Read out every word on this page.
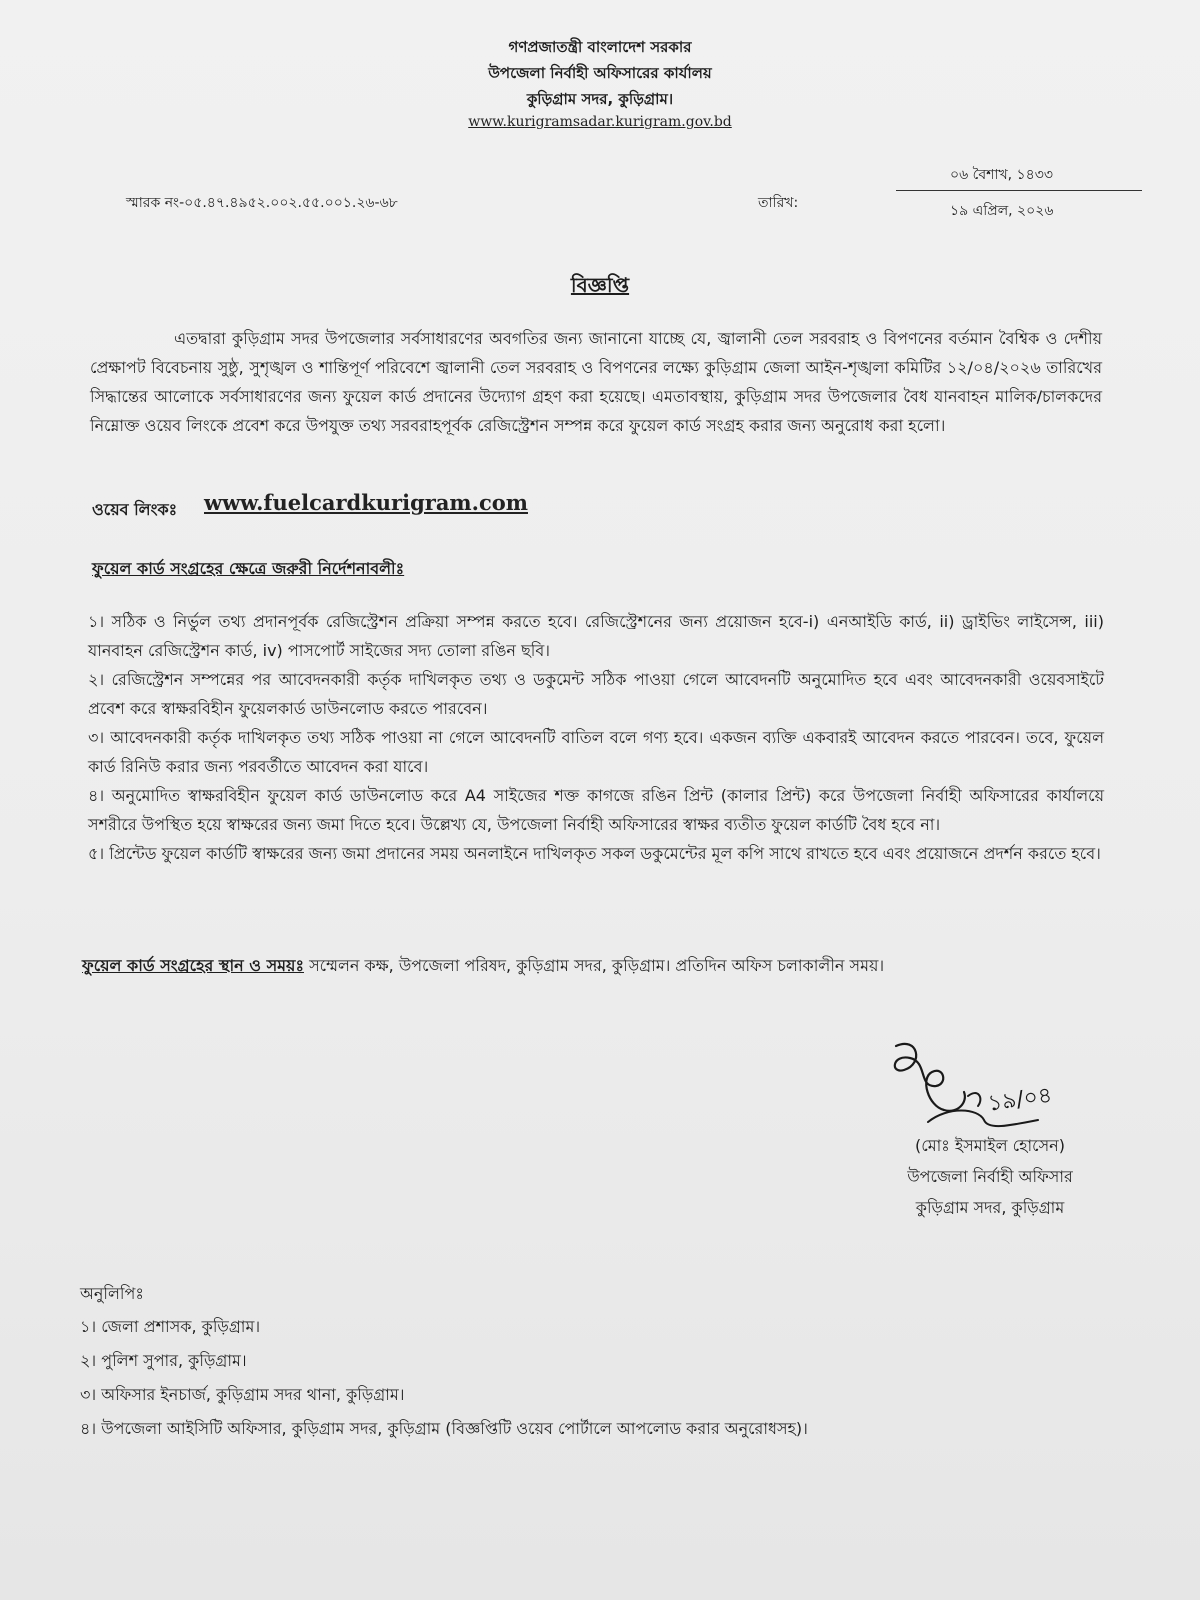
গণপ্রজাতন্ত্রী বাংলাদেশ সরকার
উপজেলা নির্বাহী অফিসারের কার্যালয়
কুড়িগ্রাম সদর, কুড়িগ্রাম।
www.kurigramsadar.kurigram.gov.bd
স্মারক নং-০৫.৪৭.৪৯৫২.০০২.৫৫.০০১.২৬-৬৮	তারিখ:
০৬ বৈশাখ, ১৪৩৩
১৯ এপ্রিল, ২০২৬
বিজ্ঞপ্তি
এতদ্বারা কুড়িগ্রাম সদর উপজেলার সর্বসাধারণের অবগতির জন্য জানানো যাচ্ছে যে, জ্বালানী তেল সরবরাহ ও বিপণনের বর্তমান বৈশ্বিক ও দেশীয় প্রেক্ষাপট বিবেচনায় সুষ্ঠু, সুশৃঙ্খল ও শান্তিপূর্ণ পরিবেশে জ্বালানী তেল সরবরাহ ও বিপণনের লক্ষ্যে কুড়িগ্রাম জেলা আইন-শৃঙ্খলা কমিটির ১২/০৪/২০২৬ তারিখের সিদ্ধান্তের আলোকে সর্বসাধারণের জন্য ফুয়েল কার্ড প্রদানের উদ্যোগ গ্রহণ করা হয়েছে। এমতাবস্থায়, কুড়িগ্রাম সদর উপজেলার বৈধ যানবাহন মালিক/চালকদের নিম্নোক্ত ওয়েব লিংকে প্রবেশ করে উপযুক্ত তথ্য সরবরাহপূর্বক রেজিস্ট্রেশন সম্পন্ন করে ফুয়েল কার্ড সংগ্রহ করার জন্য অনুরোধ করা হলো।
ওয়েব লিংকঃ www.fuelcardkurigram.com
ফুয়েল কার্ড সংগ্রহের ক্ষেত্রে জরুরী নির্দেশনাবলীঃ
১। সঠিক ও নির্ভুল তথ্য প্রদানপূর্বক রেজিস্ট্রেশন প্রক্রিয়া সম্পন্ন করতে হবে। রেজিস্ট্রেশনের জন্য প্রয়োজন হবে-i) এনআইডি কার্ড, ii) ড্রাইভিং লাইসেন্স, iii) যানবাহন রেজিস্ট্রেশন কার্ড, iv) পাসপোর্ট সাইজের সদ্য তোলা রঙিন ছবি।
২। রেজিস্ট্রেশন সম্পন্নের পর আবেদনকারী কর্তৃক দাখিলকৃত তথ্য ও ডকুমেন্ট সঠিক পাওয়া গেলে আবেদনটি অনুমোদিত হবে এবং আবেদনকারী ওয়েবসাইটে প্রবেশ করে স্বাক্ষরবিহীন ফুয়েলকার্ড ডাউনলোড করতে পারবেন।
৩। আবেদনকারী কর্তৃক দাখিলকৃত তথ্য সঠিক পাওয়া না গেলে আবেদনটি বাতিল বলে গণ্য হবে। একজন ব্যক্তি একবারই আবেদন করতে পারবেন। তবে, ফুয়েল কার্ড রিনিউ করার জন্য পরবর্তীতে আবেদন করা যাবে।
৪। অনুমোদিত স্বাক্ষরবিহীন ফুয়েল কার্ড ডাউনলোড করে A4 সাইজের শক্ত কাগজে রঙিন প্রিন্ট (কালার প্রিন্ট) করে উপজেলা নির্বাহী অফিসারের কার্যালয়ে সশরীরে উপস্থিত হয়ে স্বাক্ষরের জন্য জমা দিতে হবে। উল্লেখ্য যে, উপজেলা নির্বাহী অফিসারের স্বাক্ষর ব্যতীত ফুয়েল কার্ডটি বৈধ হবে না।
৫। প্রিন্টেড ফুয়েল কার্ডটি স্বাক্ষরের জন্য জমা প্রদানের সময় অনলাইনে দাখিলকৃত সকল ডকুমেন্টের মূল কপি সাথে রাখতে হবে এবং প্রয়োজনে প্রদর্শন করতে হবে।
ফুয়েল কার্ড সংগ্রহের স্থান ও সময়ঃ সম্মেলন কক্ষ, উপজেলা পরিষদ, কুড়িগ্রাম সদর, কুড়িগ্রাম। প্রতিদিন অফিস চলাকালীন সময়।
১৯/০৪
(মোঃ ইসমাইল হোসেন)
উপজেলা নির্বাহী অফিসার
কুড়িগ্রাম সদর, কুড়িগ্রাম
অনুলিপিঃ
১। জেলা প্রশাসক, কুড়িগ্রাম।
২। পুলিশ সুপার, কুড়িগ্রাম।
৩। অফিসার ইনচার্জ, কুড়িগ্রাম সদর থানা, কুড়িগ্রাম।
৪। উপজেলা আইসিটি অফিসার, কুড়িগ্রাম সদর, কুড়িগ্রাম (বিজ্ঞপ্তিটি ওয়েব পোর্টালে আপলোড করার অনুরোধসহ)।
